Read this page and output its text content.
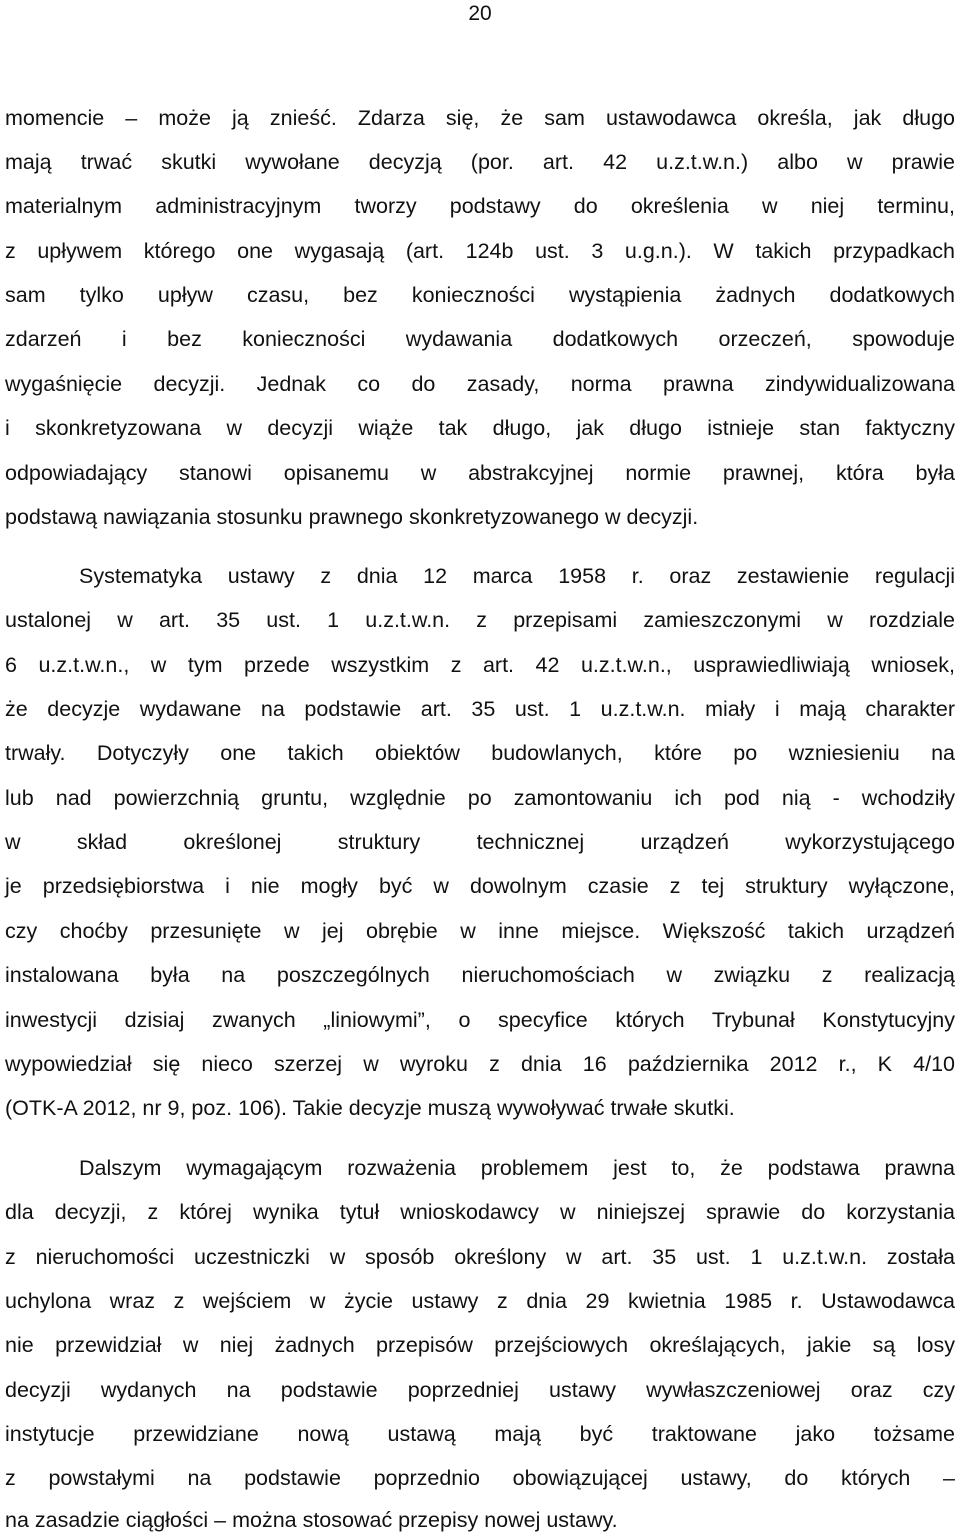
20
momencie – może ją znieść. Zdarza się, że sam ustawodawca określa, jak długo
mają trwać skutki wywołane decyzją (por. art. 42 u.z.t.w.n.) albo w prawie
materialnym administracyjnym tworzy podstawy do określenia w niej terminu,
z upływem którego one wygasają (art. 124b ust. 3 u.g.n.). W takich przypadkach
sam tylko upływ czasu, bez konieczności wystąpienia żadnych dodatkowych
zdarzeń i bez konieczności wydawania dodatkowych orzeczeń, spowoduje
wygaśnięcie decyzji. Jednak co do zasady, norma prawna zindywidualizowana
i skonkretyzowana w decyzji wiąże tak długo, jak długo istnieje stan faktyczny
odpowiadający stanowi opisanemu w abstrakcyjnej normie prawnej, która była
podstawą nawiązania stosunku prawnego skonkretyzowanego w decyzji.
Systematyka ustawy z dnia 12 marca 1958 r. oraz zestawienie regulacji
ustalonej w art. 35 ust. 1 u.z.t.w.n. z przepisami zamieszczonymi w rozdziale
6 u.z.t.w.n., w tym przede wszystkim z art. 42 u.z.t.w.n., usprawiedliwiają wniosek,
że decyzje wydawane na podstawie art. 35 ust. 1 u.z.t.w.n. miały i mają charakter
trwały. Dotyczyły one takich obiektów budowlanych, które po wzniesieniu na
lub nad powierzchnią gruntu, względnie po zamontowaniu ich pod nią - wchodziły
w skład określonej struktury technicznej urządzeń wykorzystującego
je przedsiębiorstwa i nie mogły być w dowolnym czasie z tej struktury wyłączone,
czy choćby przesunięte w jej obrębie w inne miejsce. Większość takich urządzeń
instalowana była na poszczególnych nieruchomościach w związku z realizacją
inwestycji dzisiaj zwanych „liniowymi”, o specyfice których Trybunał Konstytucyjny
wypowiedział się nieco szerzej w wyroku z dnia 16 października 2012 r., K 4/10
(OTK-A 2012, nr 9, poz. 106). Takie decyzje muszą wywoływać trwałe skutki.
Dalszym wymagającym rozważenia problemem jest to, że podstawa prawna
dla decyzji, z której wynika tytuł wnioskodawcy w niniejszej sprawie do korzystania
z nieruchomości uczestniczki w sposób określony w art. 35 ust. 1 u.z.t.w.n. została
uchylona wraz z wejściem w życie ustawy z dnia 29 kwietnia 1985 r. Ustawodawca
nie przewidział w niej żadnych przepisów przejściowych określających, jakie są losy
decyzji wydanych na podstawie poprzedniej ustawy wywłaszczeniowej oraz czy
instytucje przewidziane nową ustawą mają być traktowane jako tożsame
z powstałymi na podstawie poprzednio obowiązującej ustawy, do których –
na zasadzie ciągłości – można stosować przepisy nowej ustawy.
